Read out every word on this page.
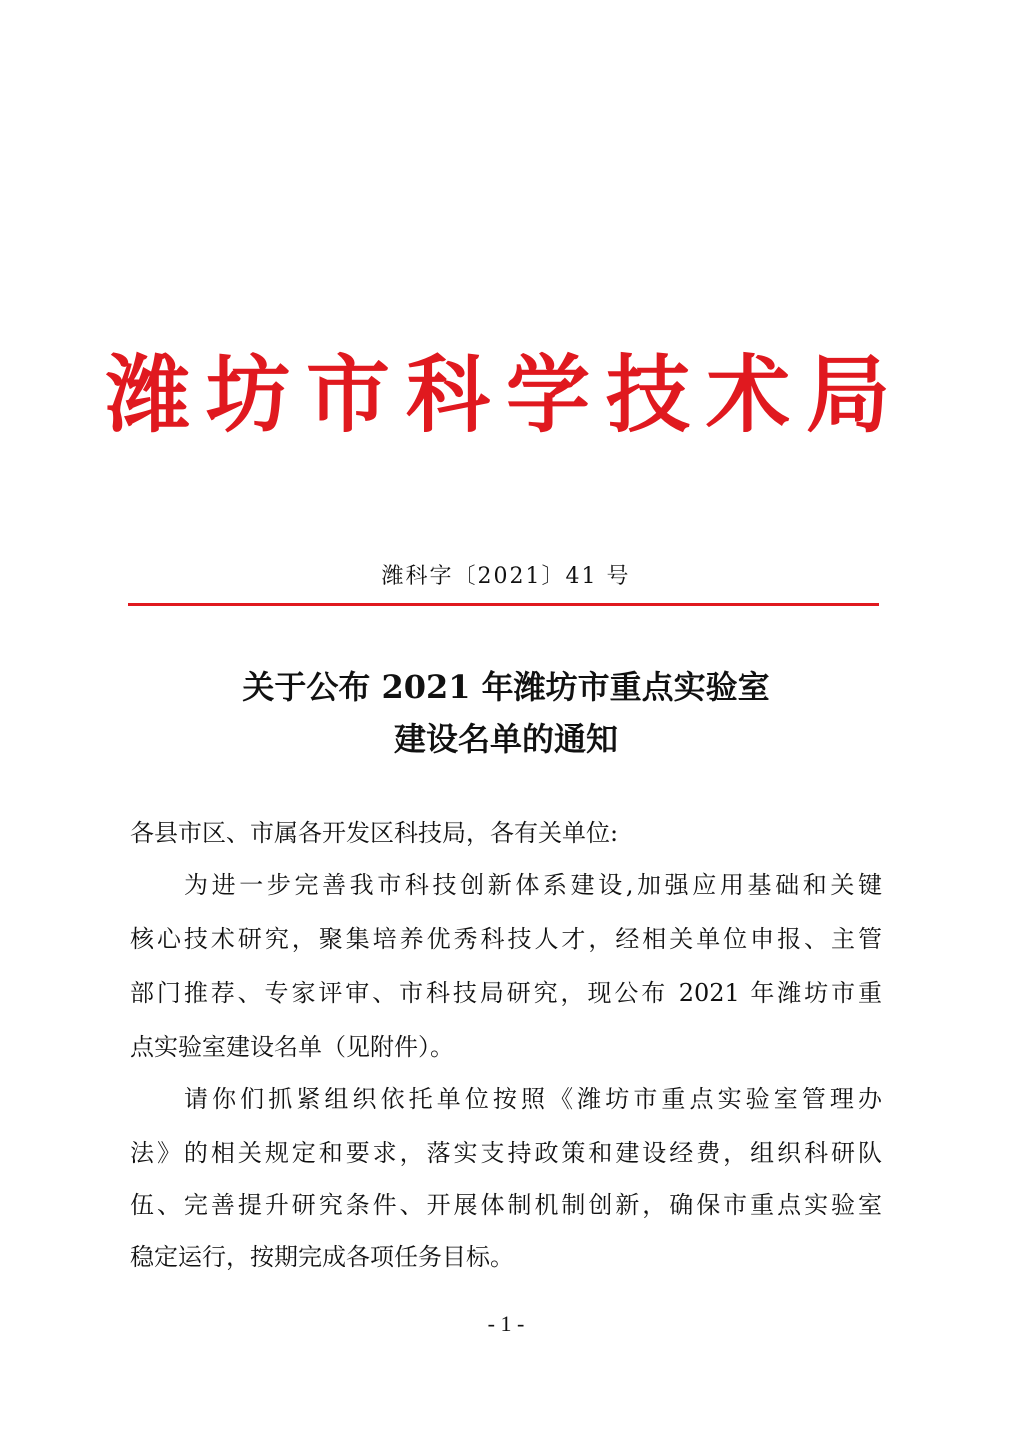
潍坊市科学技术局
潍科字〔2021〕41 号
关于公布 2021 年潍坊市重点实验室
建设名单的通知
各县市区、市属各开发区科技局，各有关单位:
为进一步完善我市科技创新体系建设,加强应用基础和关键
核心技术研究，聚集培养优秀科技人才，经相关单位申报、主管
部门推荐、专家评审、市科技局研究，现公布 2021 年潍坊市重
点实验室建设名单（见附件）。
请你们抓紧组织依托单位按照《潍坊市重点实验室管理办
法》的相关规定和要求，落实支持政策和建设经费，组织科研队
伍、完善提升研究条件、开展体制机制创新，确保市重点实验室
稳定运行，按期完成各项任务目标。
- 1 -
